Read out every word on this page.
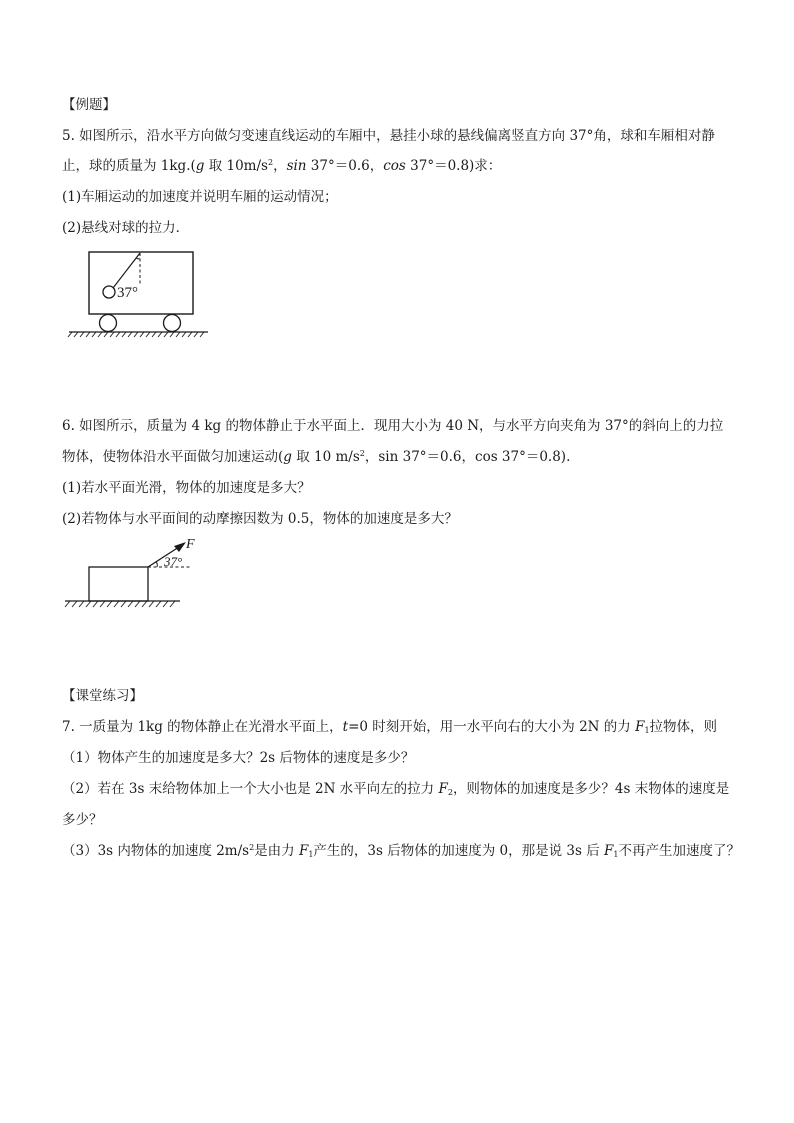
【例题】
5. 如图所示，沿水平方向做匀变速直线运动的车厢中，悬挂小球的悬线偏离竖直方向 37°角，球和车厢相对静
止，球的质量为 1kg.(g 取 $10m/s^2$，sin 37°＝0.6，cos 37°＝0.8)求：
(1)车厢运动的加速度并说明车厢的运动情况；
(2)悬线对球的拉力．
37°
6. 如图所示，质量为 4 kg 的物体静止于水平面上．现用大小为 40 N，与水平方向夹角为 37°的斜向上的力拉
物体，使物体沿水平面做匀加速运动(g 取 10 $m/s^2$，sin 37°＝0.6，cos 37°＝0.8).
(1)若水平面光滑，物体的加速度是多大？
(2)若物体与水平面间的动摩擦因数为 0.5，物体的加速度是多大？
F
37°
【课堂练习】
7. 一质量为 1kg 的物体静止在光滑水平面上，t=0 时刻开始，用一水平向右的大小为 2N 的力 $F_1$拉物体，则
（1）物体产生的加速度是多大？2s 后物体的速度是多少？
（2）若在 3s 末给物体加上一个大小也是 2N 水平向左的拉力 $F_2$，则物体的加速度是多少？4s 末物体的速度是
多少？
（3）3s 内物体的加速度 $2m/s^2$是由力 $F_1$产生的，3s 后物体的加速度为 0，那是说 3s 后 $F_1$不再产生加速度了？
